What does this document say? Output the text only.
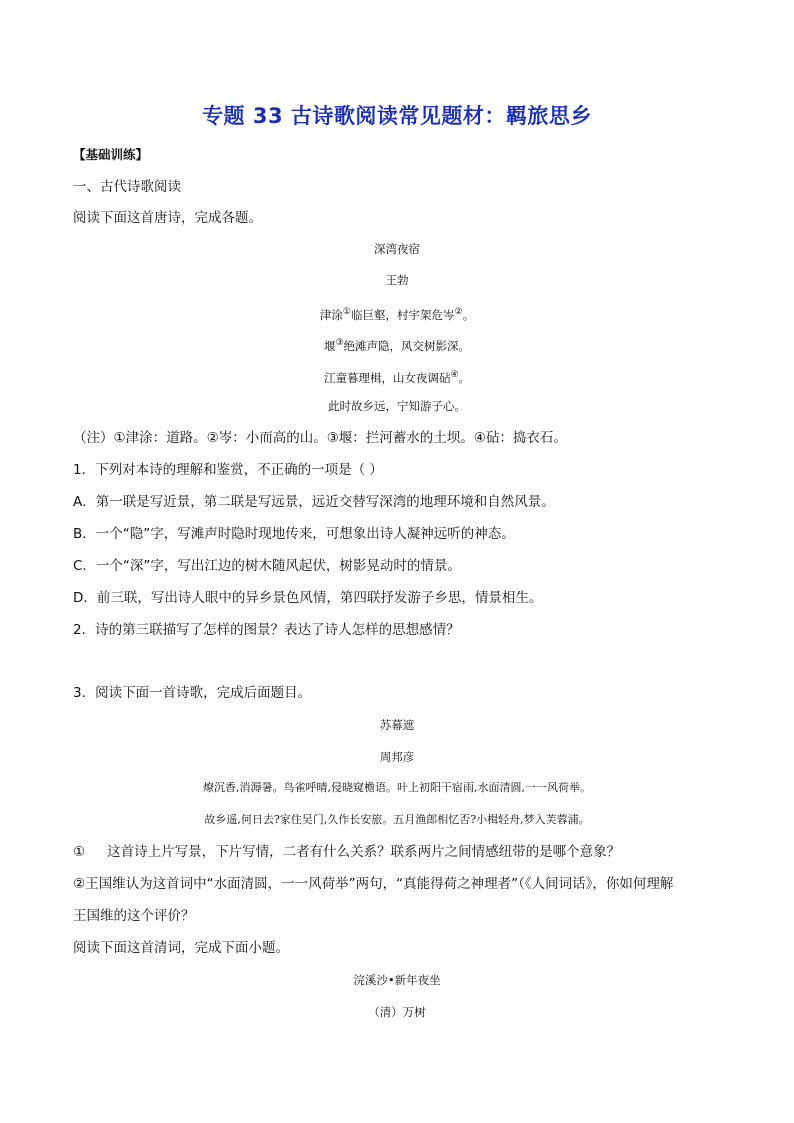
专题 33 古诗歌阅读常见题材：羁旅思乡
【基础训练】
一、古代诗歌阅读
阅读下面这首唐诗，完成各题。
深湾夜宿
王勃
津涂①临巨壑，村宇架危岑②。
堰③绝滩声隐，风交树影深。
江童暮理楫，山女夜调砧④。
此时故乡远，宁知游子心。
（注）①津涂：道路。②岑：小而高的山。③堰：拦河蓄水的土坝。④砧：捣衣石。
1．下列对本诗的理解和鉴赏，不正确的一项是（ ）
A．第一联是写近景，第二联是写远景，远近交替写深湾的地理环境和自然风景。
B．一个“隐”字，写滩声时隐时现地传来，可想象出诗人凝神远听的神态。
C．一个“深”字，写出江边的树木随风起伏，树影晃动时的情景。
D．前三联，写出诗人眼中的异乡景色风情，第四联抒发游子乡思，情景相生。
2．诗的第三联描写了怎样的图景？表达了诗人怎样的思想感情？
3．阅读下面一首诗歌，完成后面题目。
苏幕遮
周邦彦
燎沉香,消溽暑。鸟雀呼晴,侵晓窥檐语。叶上初阳干宿雨,水面清圆,一一风荷举。
故乡遥,何日去?家住吴门,久作长安旅。五月渔郎相忆否?小楫轻舟,梦入芙蓉浦。
① 这首诗上片写景，下片写情，二者有什么关系？联系两片之间情感纽带的是哪个意象？
②王国维认为这首词中“水面清圆，一一风荷举”两句，“真能得荷之神理者”（《人间词话》，你如何理解
王国维的这个评价？
阅读下面这首清词，完成下面小题。
浣溪沙•新年夜坐
（清）万树
